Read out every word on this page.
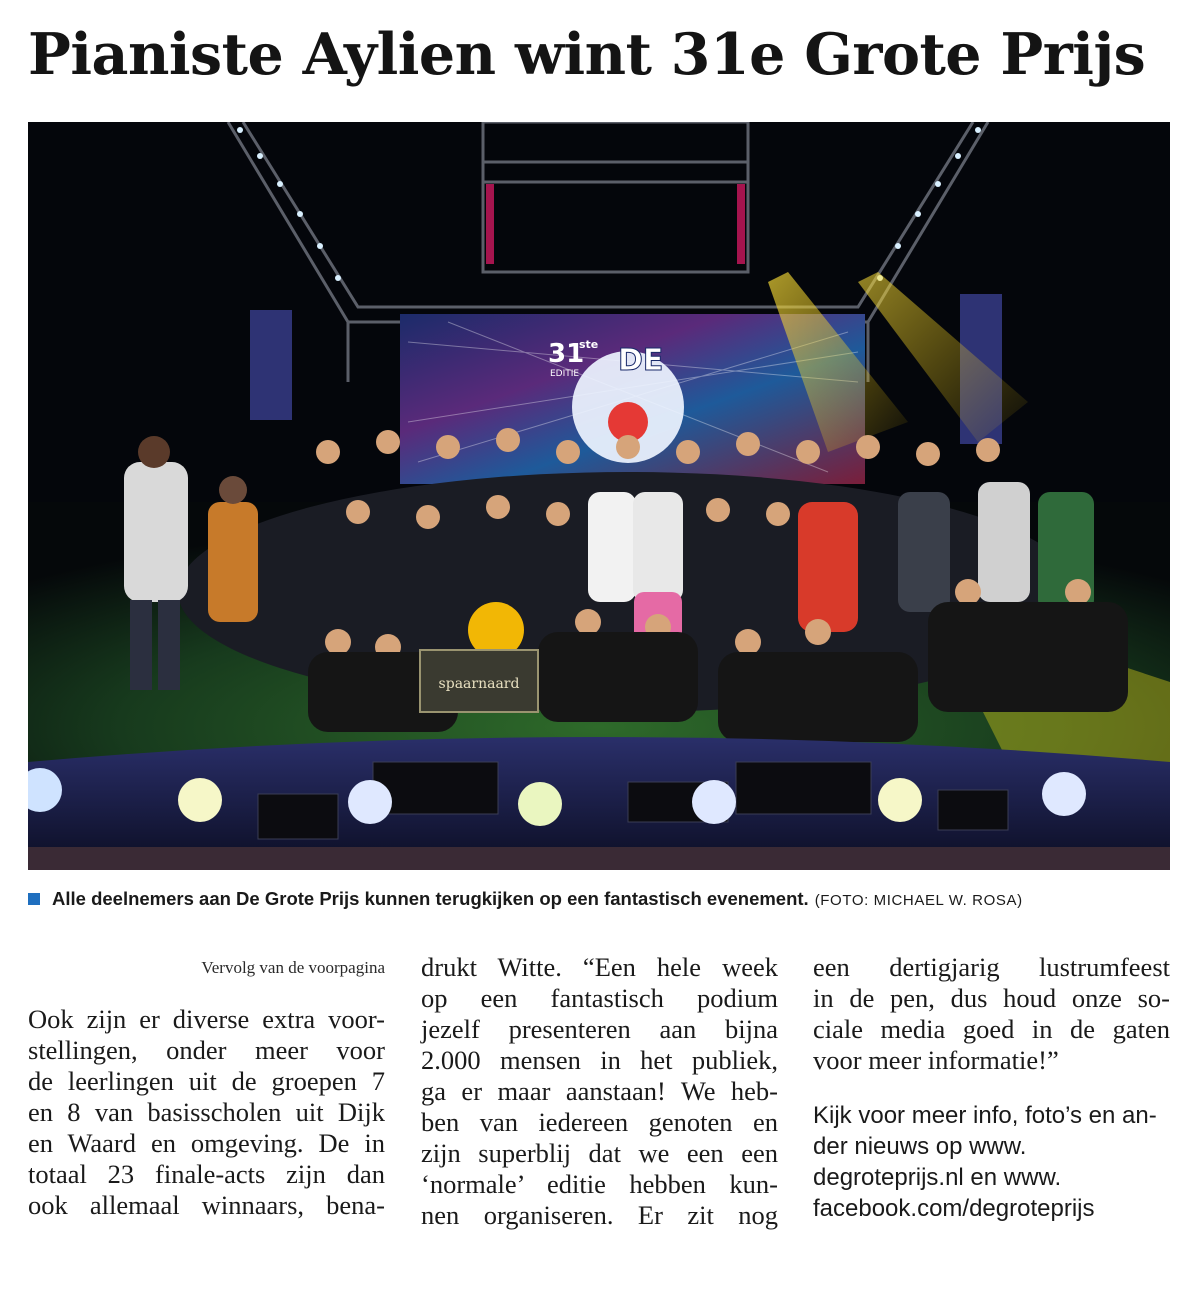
Pianiste Aylien wint 31e Grote Prijs
31
ste
EDITIE DE
spaarnaard
Alle deelnemers aan De Grote Prijs kunnen terugkijken op een fantastisch evenement. (FOTO: MICHAEL W. ROSA)
Vervolg van de voorpagina
Ook zijn er diverse extra voor-
stellingen, onder meer voor
de leerlingen uit de groepen 7
en 8 van basisscholen uit Dijk
en Waard en omgeving. De in
totaal 23 finale-acts zijn dan
ook allemaal winnaars, bena-
drukt Witte. “Een hele week
op een fantastisch podium
jezelf presenteren aan bijna
2.000 mensen in het publiek,
ga er maar aanstaan! We heb-
ben van iedereen genoten en
zijn superblij dat we een een
‘normale’ editie hebben kun-
nen organiseren. Er zit nog
een dertigjarig lustrumfeest
in de pen, dus houd onze so-
ciale media goed in de gaten
voor meer informatie!”
Kijk voor meer info, foto’s en an-
der nieuws op www.
degroteprijs.nl en www.
facebook.com/degroteprijs
